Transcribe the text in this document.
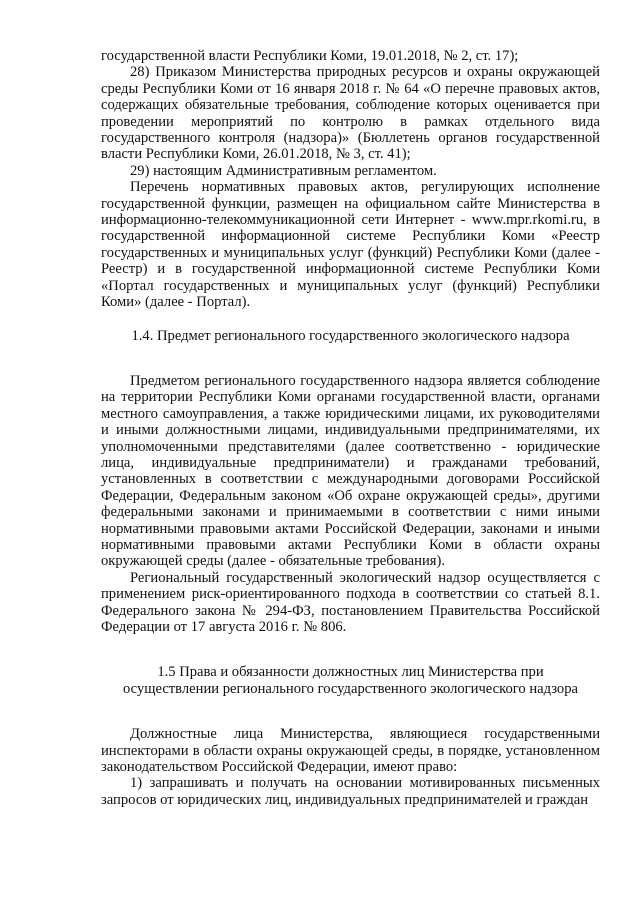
государственной власти Республики Коми, 19.01.2018, № 2, ст. 17);

28) Приказом Министерства природных ресурсов и охраны окружающей среды Республики Коми от 16 января 2018 г. № 64 «О перечне правовых актов, содержащих обязательные требования, соблюдение которых оценивается при проведении мероприятий по контролю в рамках отдельного вида государственного контроля (надзора)» (Бюллетень органов государственной власти Республики Коми, 26.01.2018, № 3, ст. 41);

29) настоящим Административным регламентом.

Перечень нормативных правовых актов, регулирующих исполнение государственной функции, размещен на официальном сайте Министерства в информационно-телекоммуникационной сети Интернет - www.mpr.rkomi.ru, в государственной информационной системе Республики Коми «Реестр государственных и муниципальных услуг (функций) Республики Коми (далее - Реестр) и в государственной информационной системе Республики Коми «Портал государственных и муниципальных услуг (функций) Республики Коми» (далее - Портал).

1.4. Предмет регионального государственного экологического надзора

Предметом регионального государственного надзора является соблюдение на территории Республики Коми органами государственной власти, органами местного самоуправления, а также юридическими лицами, их руководителями и иными должностными лицами, индивидуальными предпринимателями, их уполномоченными представителями (далее соответственно - юридические лица, индивидуальные предприниматели) и гражданами требований, установленных в соответствии с международными договорами Российской Федерации, Федеральным законом «Об охране окружающей среды», другими федеральными законами и принимаемыми в соответствии с ними иными нормативными правовыми актами Российской Федерации, законами и иными нормативными правовыми актами Республики Коми в области охраны окружающей среды (далее - обязательные требования).

Региональный государственный экологический надзор осуществляется с применением риск-ориентированного подхода в соответствии со статьей 8.1. Федерального закона № 294-ФЗ, постановлением Правительства Российской Федерации от 17 августа 2016 г. № 806.

1.5 Права и обязанности должностных лиц Министерства при
осуществлении регионального государственного экологического надзора

Должностные лица Министерства, являющиеся государственными инспекторами в области охраны окружающей среды, в порядке, установленном законодательством Российской Федерации, имеют право:

1) запрашивать и получать на основании мотивированных письменных запросов от юридических лиц, индивидуальных предпринимателей и граждан
